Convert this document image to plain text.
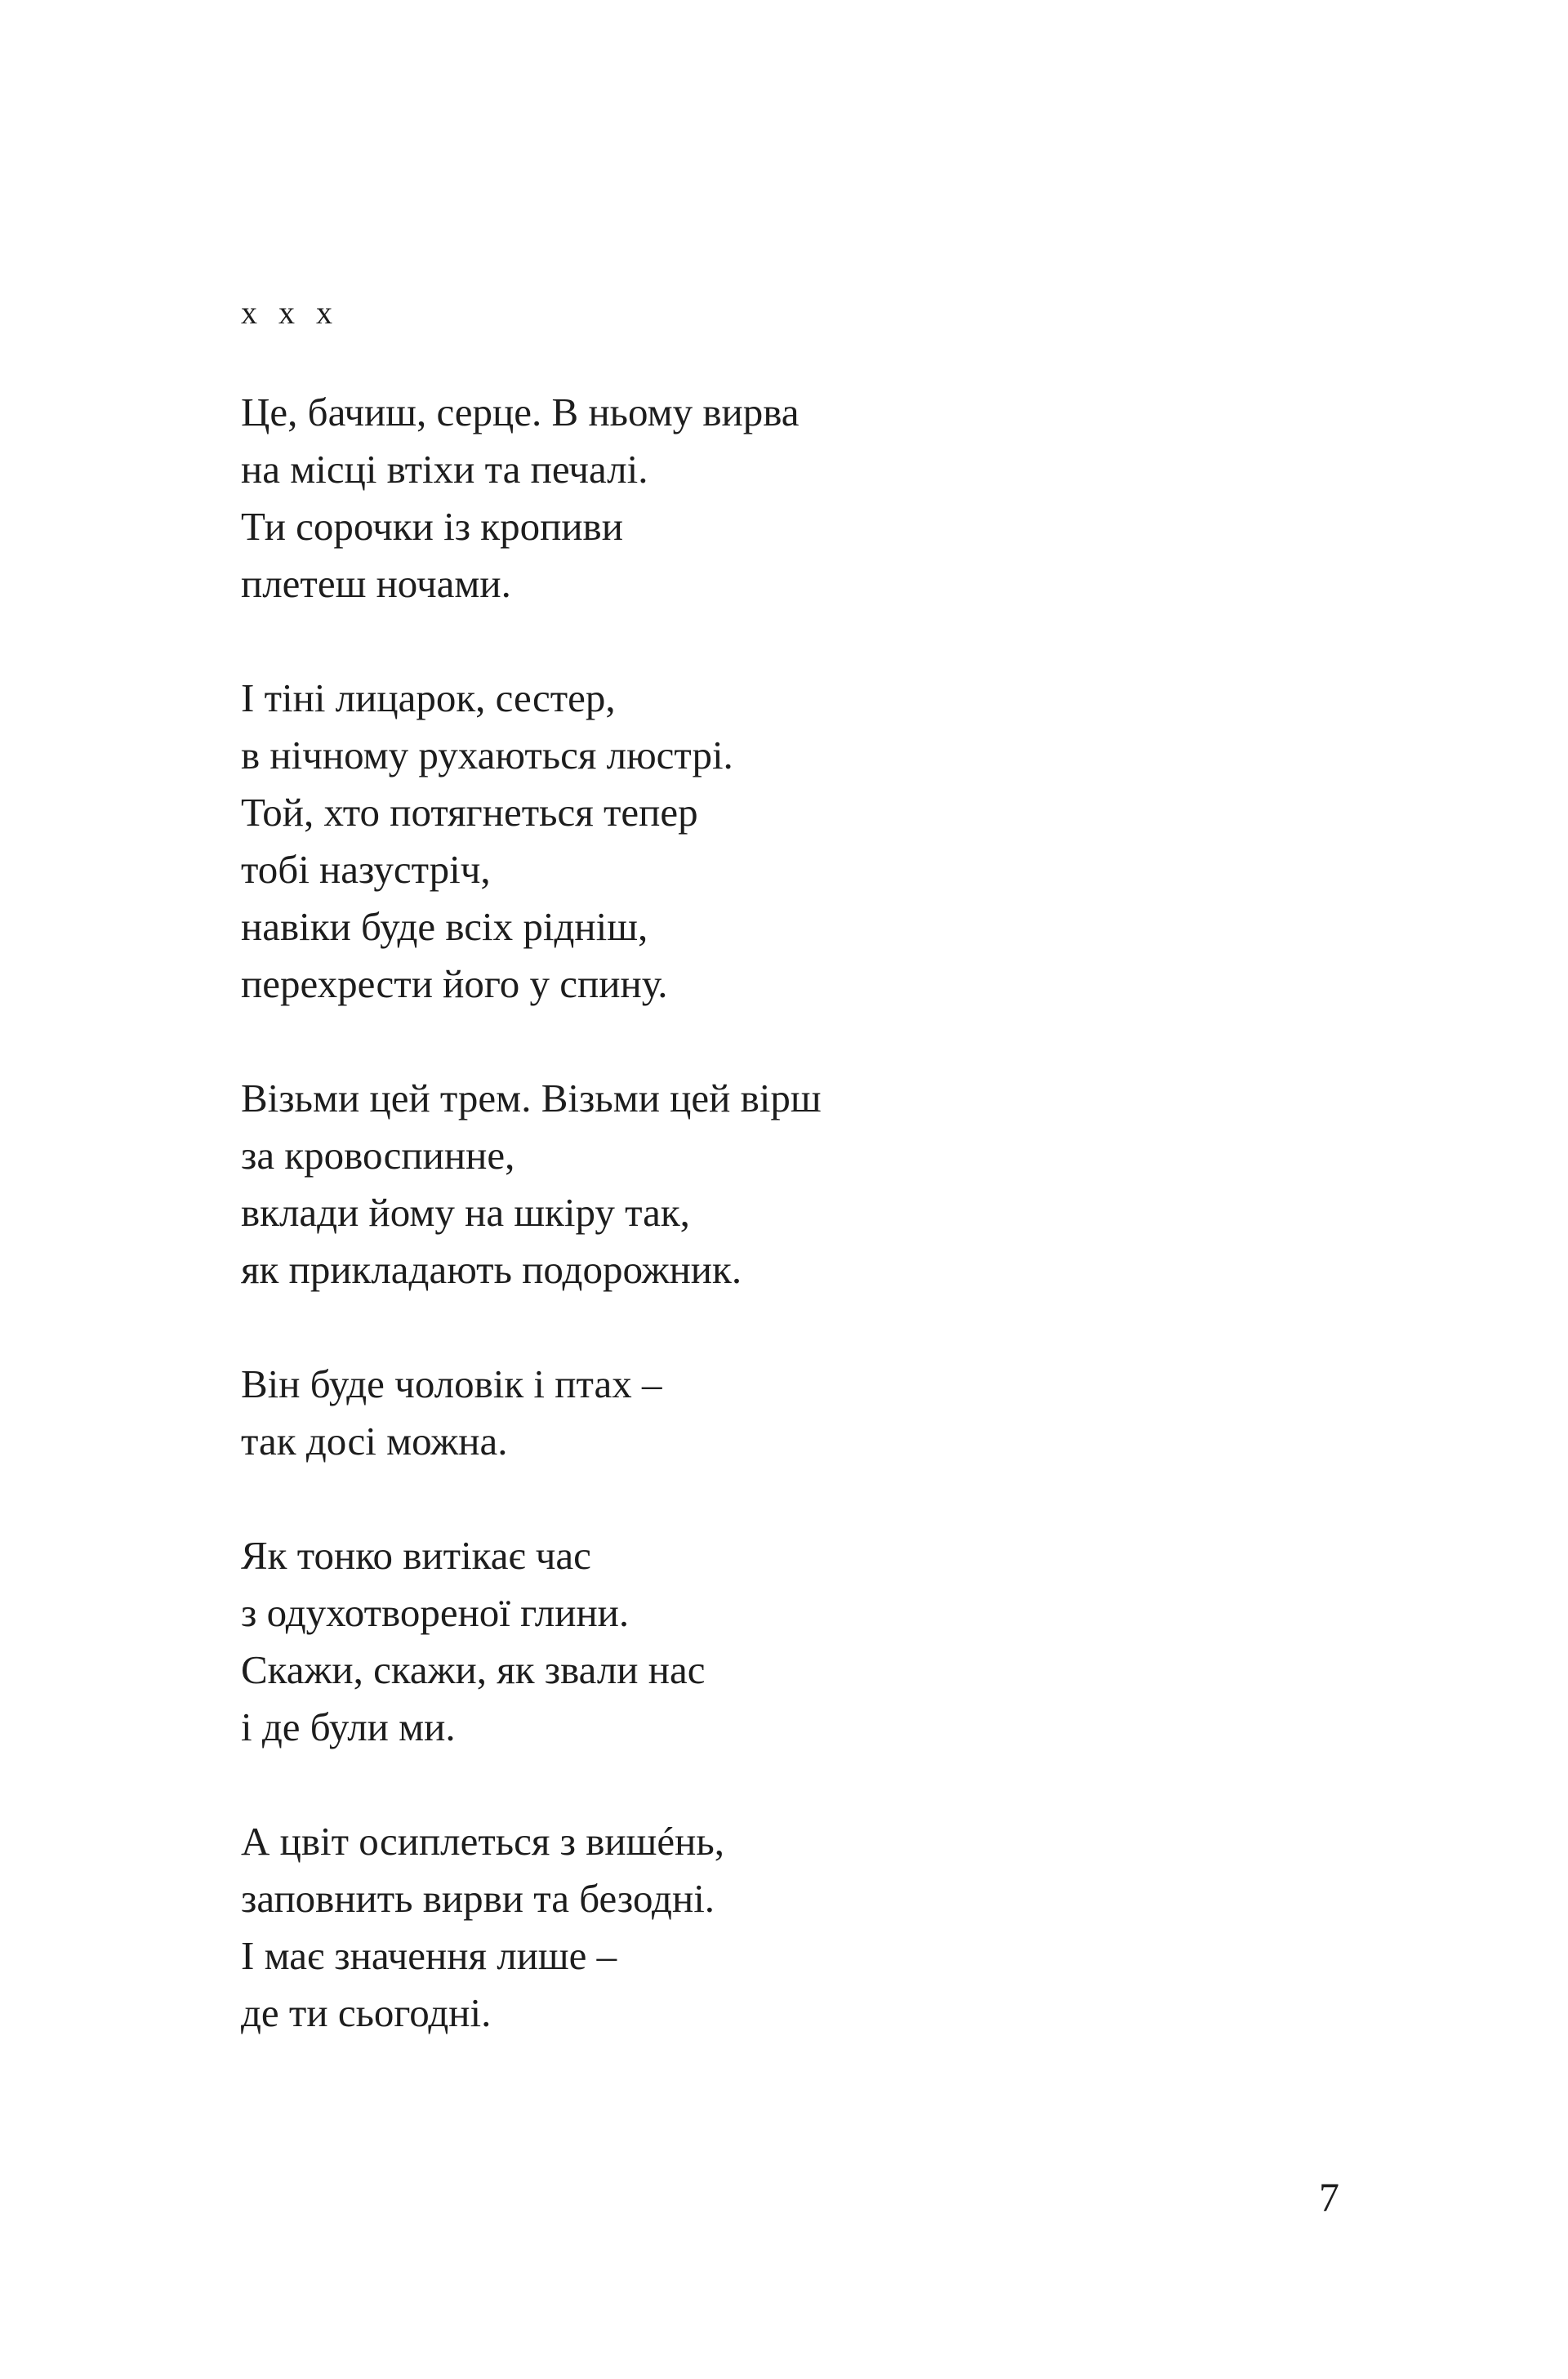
x x x
Це, бачиш, серце. В ньому вирва
на місці втіхи та печалі.
Ти сорочки із кропиви
плетеш ночами.
І тіні лицарок, сестер,
в нічному рухаються люстрі.
Той, хто потягнеться тепер
тобі назустріч,
навіки буде всіх рідніш,
перехрести його у спину.
Візьми цей трем. Візьми цей вірш
за кровоспинне,
вклади йому на шкіру так,
як прикладають подорожник.
Він буде чоловік і птах –
так досі можна.
Як тонко витікає час
з одухотвореної глини.
Скажи, скажи, як звали нас
і де були ми.
А цвіт осиплеться з вишéнь,
заповнить вирви та безодні.
І має значення лише –
де ти сьогодні.
7
